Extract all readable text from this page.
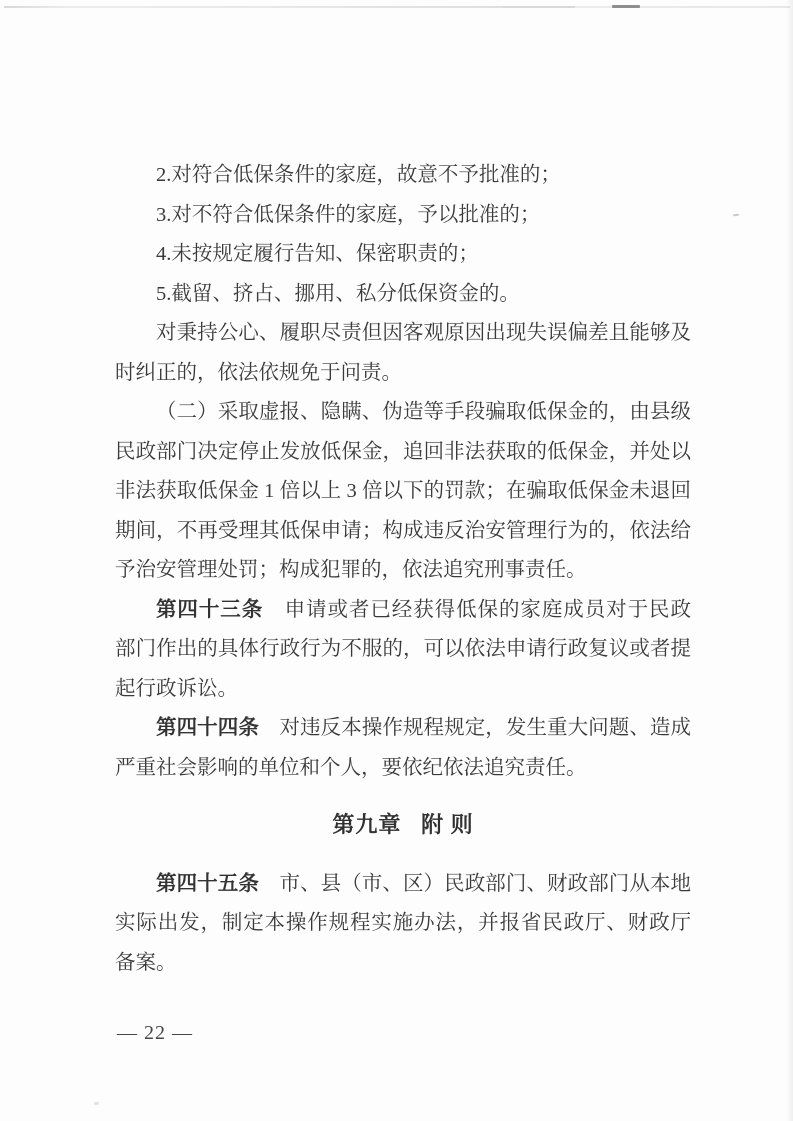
2.对符合低保条件的家庭，故意不予批准的；
3.对不符合低保条件的家庭，予以批准的；
4.未按规定履行告知、保密职责的；
5.截留、挤占、挪用、私分低保资金的。
对秉持公心、履职尽责但因客观原因出现失误偏差且能够及
时纠正的，依法依规免于问责。
（二）采取虚报、隐瞒、伪造等手段骗取低保金的，由县级
民政部门决定停止发放低保金，追回非法获取的低保金，并处以
非法获取低保金 1 倍以上 3 倍以下的罚款；在骗取低保金未退回
期间，不再受理其低保申请；构成违反治安管理行为的，依法给
予治安管理处罚；构成犯罪的，依法追究刑事责任。
第四十三条 申请或者已经获得低保的家庭成员对于民政
部门作出的具体行政行为不服的，可以依法申请行政复议或者提
起行政诉讼。
第四十四条 对违反本操作规程规定，发生重大问题、造成
严重社会影响的单位和个人，要依纪依法追究责任。
第九章 附 则
第四十五条 市、县（市、区）民政部门、财政部门从本地
实际出发，制定本操作规程实施办法，并报省民政厅、财政厅
备案。
— 22 —
